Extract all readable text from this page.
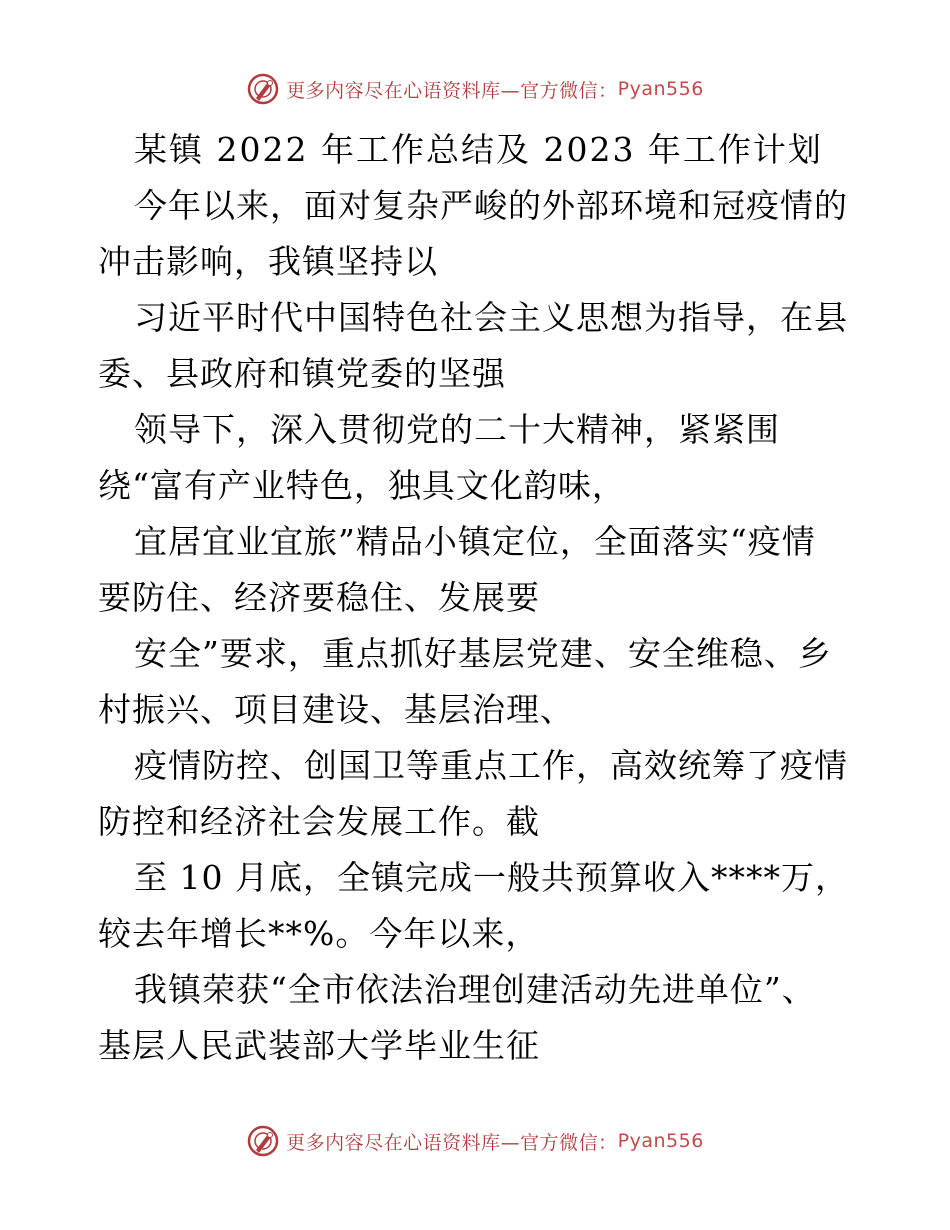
更多内容尽在心语资料库—官方微信： Pyan556
某镇 2022 年工作总结及 2023 年工作计划
今年以来，面对复杂严峻的外部环境和冠疫情的
冲击影响，我镇坚持以
习近平时代中国特色社会主义思想为指导，在县
委、县政府和镇党委的坚强
领导下，深入贯彻党的二十大精神，紧紧围
绕“富有产业特色，独具文化韵味，
宜居宜业宜旅”精品小镇定位，全面落实“疫情
要防住、经济要稳住、发展要
安全”要求，重点抓好基层党建、安全维稳、乡
村振兴、项目建设、基层治理、
疫情防控、创国卫等重点工作，高效统筹了疫情
防控和经济社会发展工作。截
至 10 月底，全镇完成一般共预算收入****万，
较去年增长**%。今年以来，
我镇荣获“全市依法治理创建活动先进单位”、
基层人民武装部大学毕业生征
更多内容尽在心语资料库—官方微信： Pyan556
